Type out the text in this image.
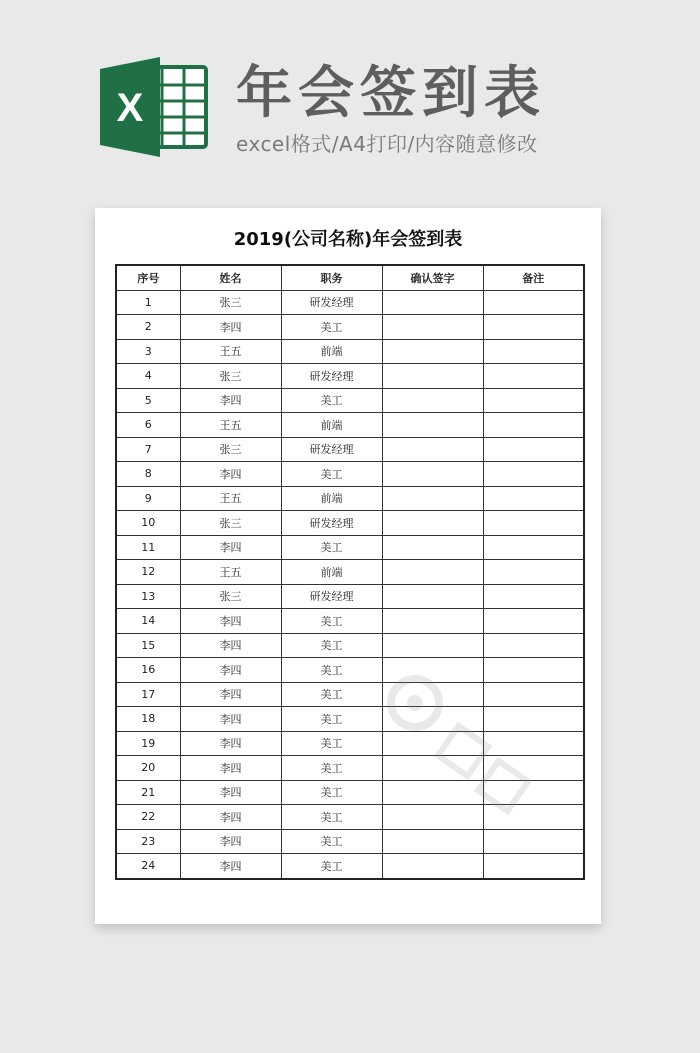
X 年会签到表
excel格式/A4打印/内容随意修改
2019(公司名称)年会签到表
序号	姓名	职务	确认签字	备注
1	张三	研发经理		
2	李四	美工		
3	王五	前端		
4	张三	研发经理		
5	李四	美工		
6	王五	前端		
7	张三	研发经理		
8	李四	美工		
9	王五	前端		
10	张三	研发经理		
11	李四	美工		
12	王五	前端		
13	张三	研发经理		
14	李四	美工		
15	李四	美工		
16	李四	美工		
17	李四	美工		
18	李四	美工		
19	李四	美工		
20	李四	美工		
21	李四	美工		
22	李四	美工		
23	李四	美工		
24	李四	美工		
